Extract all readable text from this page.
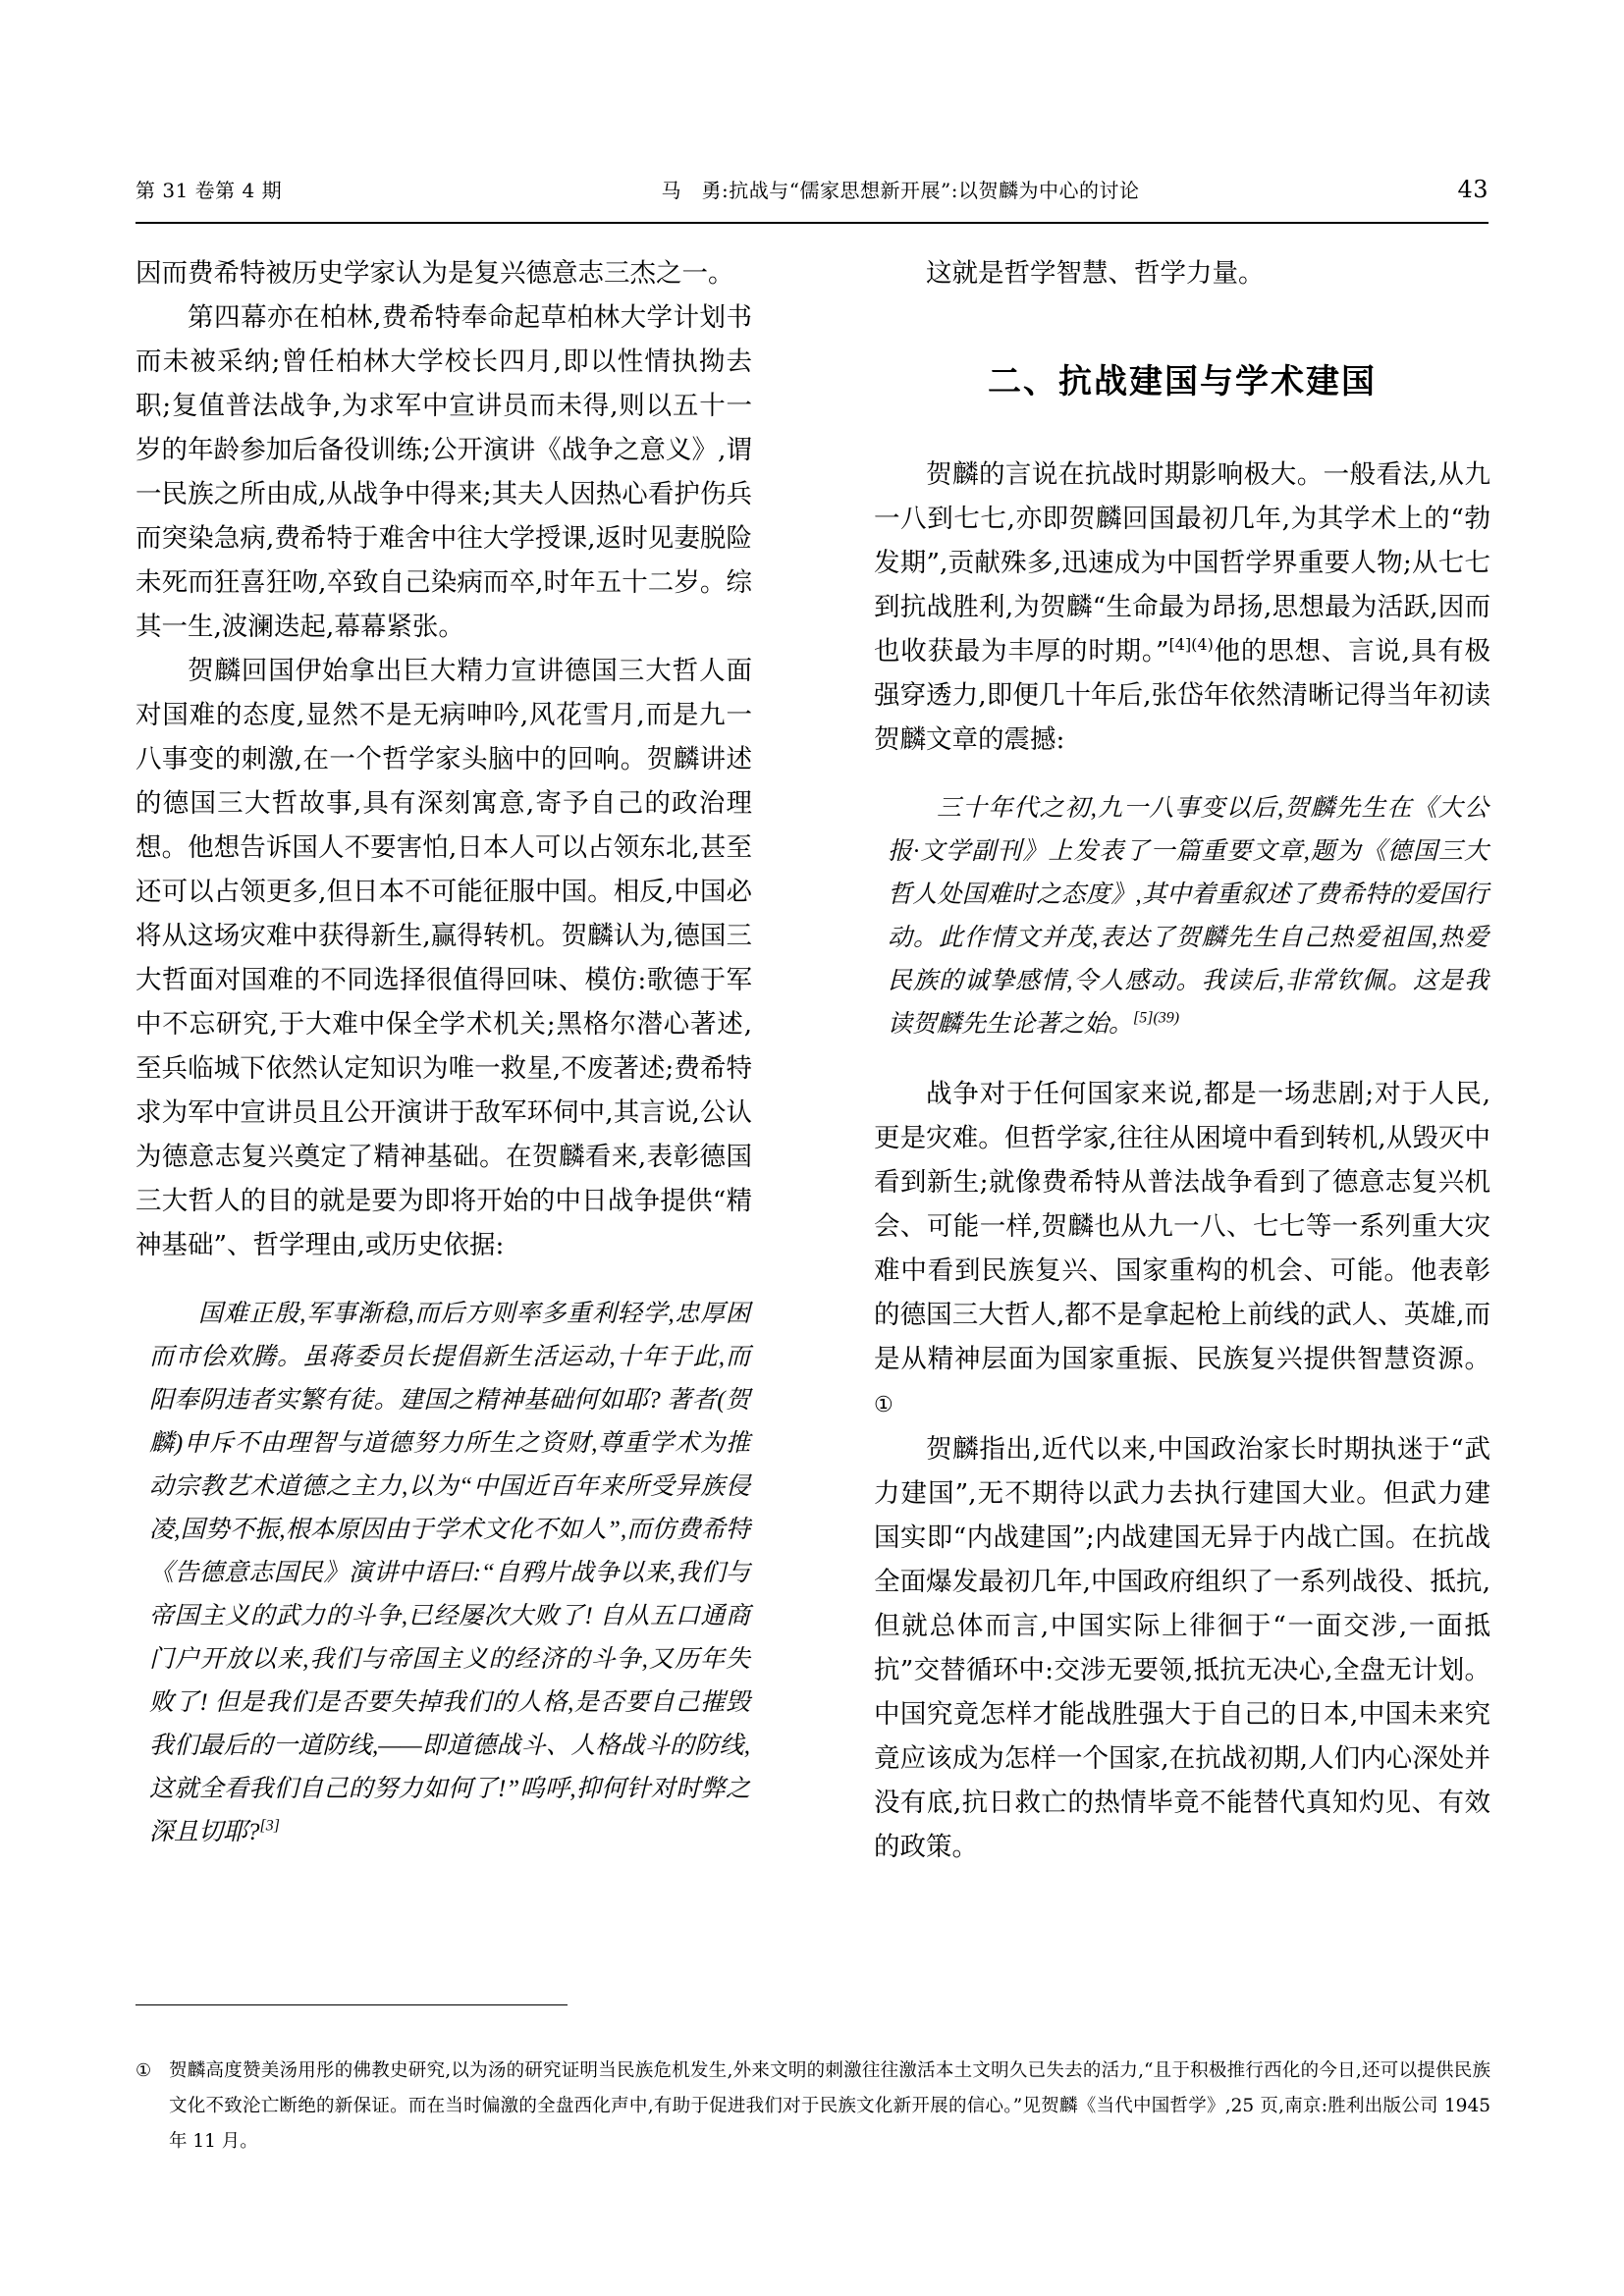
第 31 卷第 4 期	马　勇:抗战与“儒家思想新开展”:以贺麟为中心的讨论	43

因而费希特被历史学家认为是复兴德意志三杰之一。

第四幕亦在柏林,费希特奉命起草柏林大学计划书而未被采纳;曾任柏林大学校长四月,即以性情执拗去职;复值普法战争,为求军中宣讲员而未得,则以五十一岁的年龄参加后备役训练;公开演讲《战争之意义》,谓一民族之所由成,从战争中得来;其夫人因热心看护伤兵而突染急病,费希特于难舍中往大学授课,返时见妻脱险未死而狂喜狂吻,卒致自己染病而卒,时年五十二岁。综其一生,波澜迭起,幕幕紧张。

贺麟回国伊始拿出巨大精力宣讲德国三大哲人面对国难的态度,显然不是无病呻吟,风花雪月,而是九一八事变的刺激,在一个哲学家头脑中的回响。贺麟讲述的德国三大哲故事,具有深刻寓意,寄予自己的政治理想。他想告诉国人不要害怕,日本人可以占领东北,甚至还可以占领更多,但日本不可能征服中国。相反,中国必将从这场灾难中获得新生,赢得转机。贺麟认为,德国三大哲面对国难的不同选择很值得回味、模仿:歌德于军中不忘研究,于大难中保全学术机关;黑格尔潜心著述,至兵临城下依然认定知识为唯一救星,不废著述;费希特求为军中宣讲员且公开演讲于敌军环伺中,其言说,公认为德意志复兴奠定了精神基础。在贺麟看来,表彰德国三大哲人的目的就是要为即将开始的中日战争提供“精神基础”、哲学理由,或历史依据:

国难正殷,军事渐稳,而后方则率多重利轻学,忠厚困而市侩欢腾。虽蒋委员长提倡新生活运动,十年于此,而阳奉阴违者实繁有徒。建国之精神基础何如耶? 著者(贺麟)申斥不由理智与道德努力所生之资财,尊重学术为推动宗教艺术道德之主力,以为“中国近百年来所受异族侵凌,国势不振,根本原因由于学术文化不如人”,而仿费希特《告德意志国民》演讲中语曰:“自鸦片战争以来,我们与帝国主义的武力的斗争,已经屡次大败了! 自从五口通商门户开放以来,我们与帝国主义的经济的斗争,又历年失败了! 但是我们是否要失掉我们的人格,是否要自己摧毁我们最后的一道防线,——即道德战斗、人格战斗的防线,这就全看我们自己的努力如何了!”呜呼,抑何针对时弊之深且切耶?[3]

这就是哲学智慧、哲学力量。

二、抗战建国与学术建国

贺麟的言说在抗战时期影响极大。一般看法,从九一八到七七,亦即贺麟回国最初几年,为其学术上的“勃发期”,贡献殊多,迅速成为中国哲学界重要人物;从七七到抗战胜利,为贺麟“生命最为昂扬,思想最为活跃,因而也收获最为丰厚的时期。”$^{[4](4)}$他的思想、言说,具有极强穿透力,即便几十年后,张岱年依然清晰记得当年初读贺麟文章的震撼:

三十年代之初,九一八事变以后,贺麟先生在《大公报·文学副刊》上发表了一篇重要文章,题为《德国三大哲人处国难时之态度》,其中着重叙述了费希特的爱国行动。此作情文并茂,表达了贺麟先生自己热爱祖国,热爱民族的诚挚感情,令人感动。我读后,非常钦佩。这是我读贺麟先生论著之始。$^{[5](39)}$

战争对于任何国家来说,都是一场悲剧;对于人民,更是灾难。但哲学家,往往从困境中看到转机,从毁灭中看到新生;就像费希特从普法战争看到了德意志复兴机会、可能一样,贺麟也从九一八、七七等一系列重大灾难中看到民族复兴、国家重构的机会、可能。他表彰的德国三大哲人,都不是拿起枪上前线的武人、英雄,而是从精神层面为国家重振、民族复兴提供智慧资源。①

贺麟指出,近代以来,中国政治家长时期执迷于“武力建国”,无不期待以武力去执行建国大业。但武力建国实即“内战建国”;内战建国无异于内战亡国。在抗战全面爆发最初几年,中国政府组织了一系列战役、抵抗,但就总体而言,中国实际上徘徊于“一面交涉,一面抵抗”交替循环中:交涉无要领,抵抗无决心,全盘无计划。中国究竟怎样才能战胜强大于自己的日本,中国未来究竟应该成为怎样一个国家,在抗战初期,人们内心深处并没有底,抗日救亡的热情毕竟不能替代真知灼见、有效的政策。

① 贺麟高度赞美汤用彤的佛教史研究,以为汤的研究证明当民族危机发生,外来文明的刺激往往激活本土文明久已失去的活力,“且于积极推行西化的今日,还可以提供民族文化不致沦亡断绝的新保证。而在当时偏激的全盘西化声中,有助于促进我们对于民族文化新开展的信心。”见贺麟《当代中国哲学》,25 页,南京:胜利出版公司 1945 年 11 月。
